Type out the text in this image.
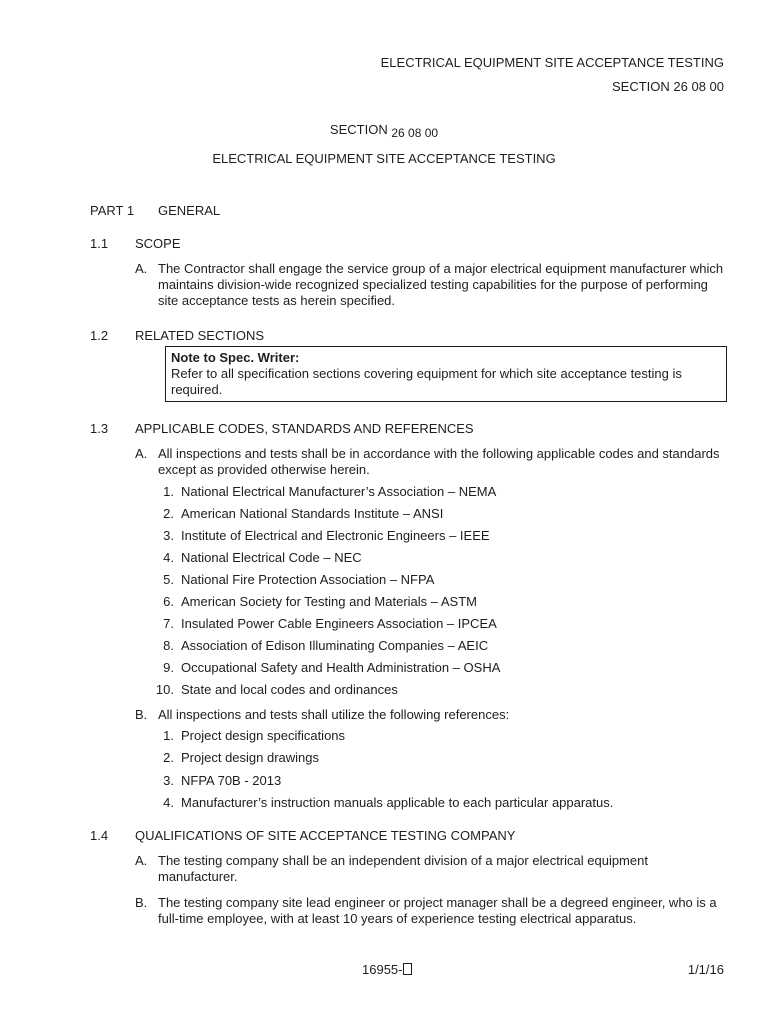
ELECTRICAL EQUIPMENT SITE ACCEPTANCE TESTING
SECTION 26 08 00
SECTION 26 08 00
ELECTRICAL EQUIPMENT SITE ACCEPTANCE TESTING
PART 1 GENERAL
1.1 SCOPE
A. The Contractor shall engage the service group of a major electrical equipment manufacturer which maintains division-wide recognized specialized testing capabilities for the purpose of performing site acceptance tests as herein specified.
1.2 RELATED SECTIONS
Note to Spec. Writer:
Refer to all specification sections covering equipment for which site acceptance testing is required.
1.3 APPLICABLE CODES, STANDARDS AND REFERENCES
A. All inspections and tests shall be in accordance with the following applicable codes and standards except as provided otherwise herein.
1. National Electrical Manufacturer’s Association – NEMA
2. American National Standards Institute – ANSI
3. Institute of Electrical and Electronic Engineers – IEEE
4. National Electrical Code – NEC
5. National Fire Protection Association – NFPA
6. American Society for Testing and Materials – ASTM
7. Insulated Power Cable Engineers Association – IPCEA
8. Association of Edison Illuminating Companies – AEIC
9. Occupational Safety and Health Administration – OSHA
10. State and local codes and ordinances
B. All inspections and tests shall utilize the following references:
1. Project design specifications
2. Project design drawings
3. NFPA 70B - 2013
4. Manufacturer’s instruction manuals applicable to each particular apparatus.
1.4 QUALIFICATIONS OF SITE ACCEPTANCE TESTING COMPANY
A. The testing company shall be an independent division of a major electrical equipment manufacturer.
B. The testing company site lead engineer or project manager shall be a degreed engineer, who is a full-time employee, with at least 10 years of experience testing electrical apparatus.
16955-	1/1/16
